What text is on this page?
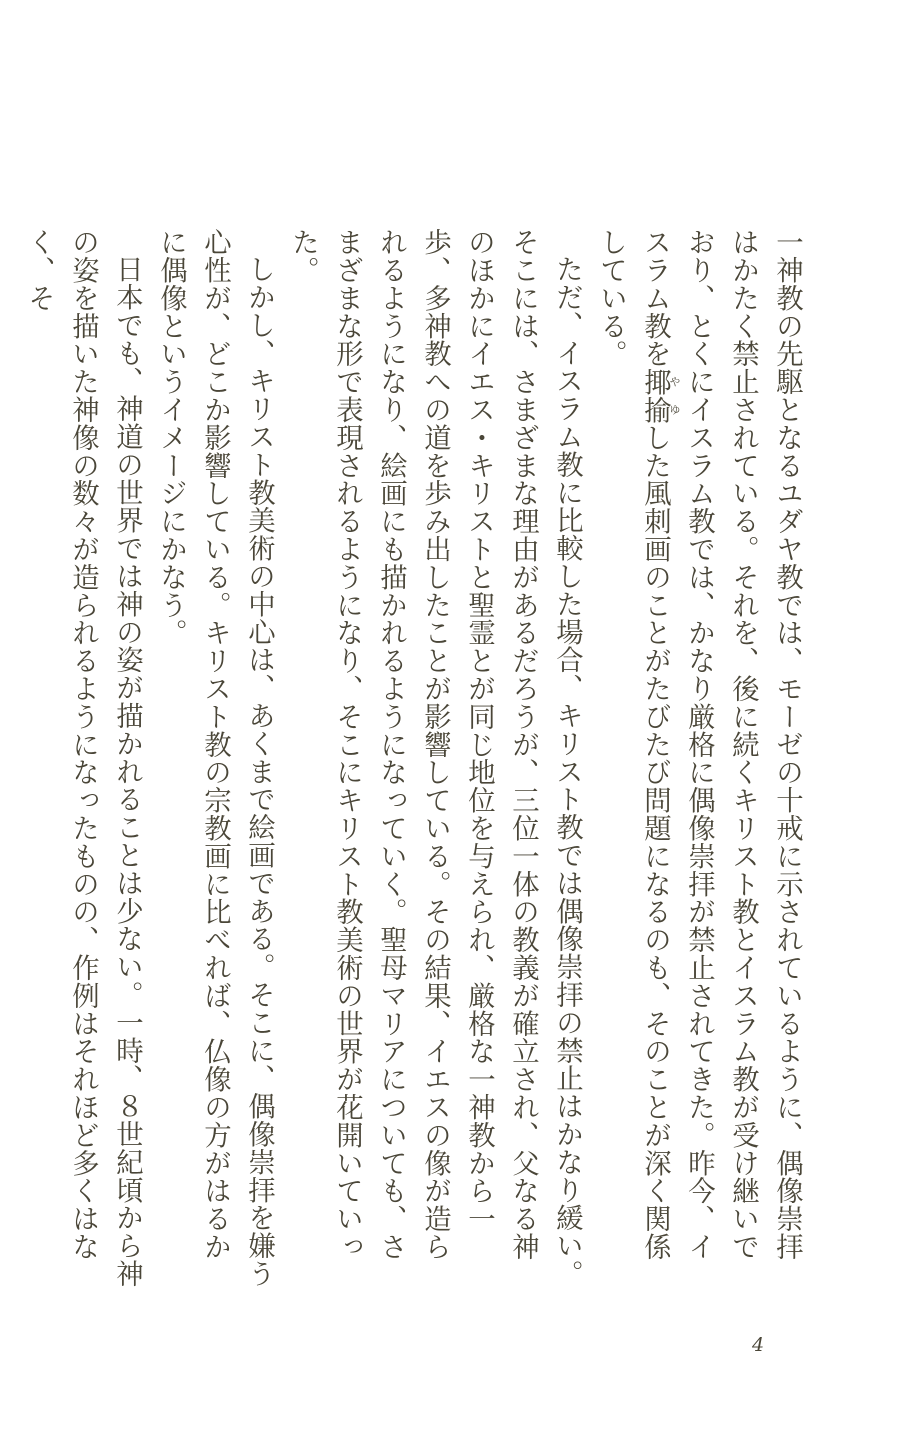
一神教の先駆となるユダヤ教では、モーゼの十戒に示されているように、偶像崇拝はかたく禁止されている。それを、後に続くキリスト教とイスラム教が受け継いでおり、とくにイスラム教では、かなり厳格に偶像崇拝が禁止されてきた。昨今、イスラム教を揶揄やゆした風刺画のことがたびたび問題になるのも、そのことが深く関係している。

ただ、イスラム教に比較した場合、キリスト教では偶像崇拝の禁止はかなり緩い。そこには、さまざまな理由があるだろうが、三位一体の教義が確立され、父なる神のほかにイエス・キリストと聖霊とが同じ地位を与えられ、厳格な一神教から一歩、多神教への道を歩み出したことが影響している。その結果、イエスの像が造られるようになり、絵画にも描かれるようになっていく。聖母マリアについても、さまざまな形で表現されるようになり、そこにキリスト教美術の世界が花開いていった。

しかし、キリスト教美術の中心は、あくまで絵画である。そこに、偶像崇拝を嫌う心性が、どこか影響している。キリスト教の宗教画に比べれば、仏像の方がはるかに偶像というイメージにかなう。

日本でも、神道の世界では神の姿が描かれることは少ない。一時、８世紀頃から神の姿を描いた神像の数々が造られるようになったものの、作例はそれほど多くはなく、そ

4
